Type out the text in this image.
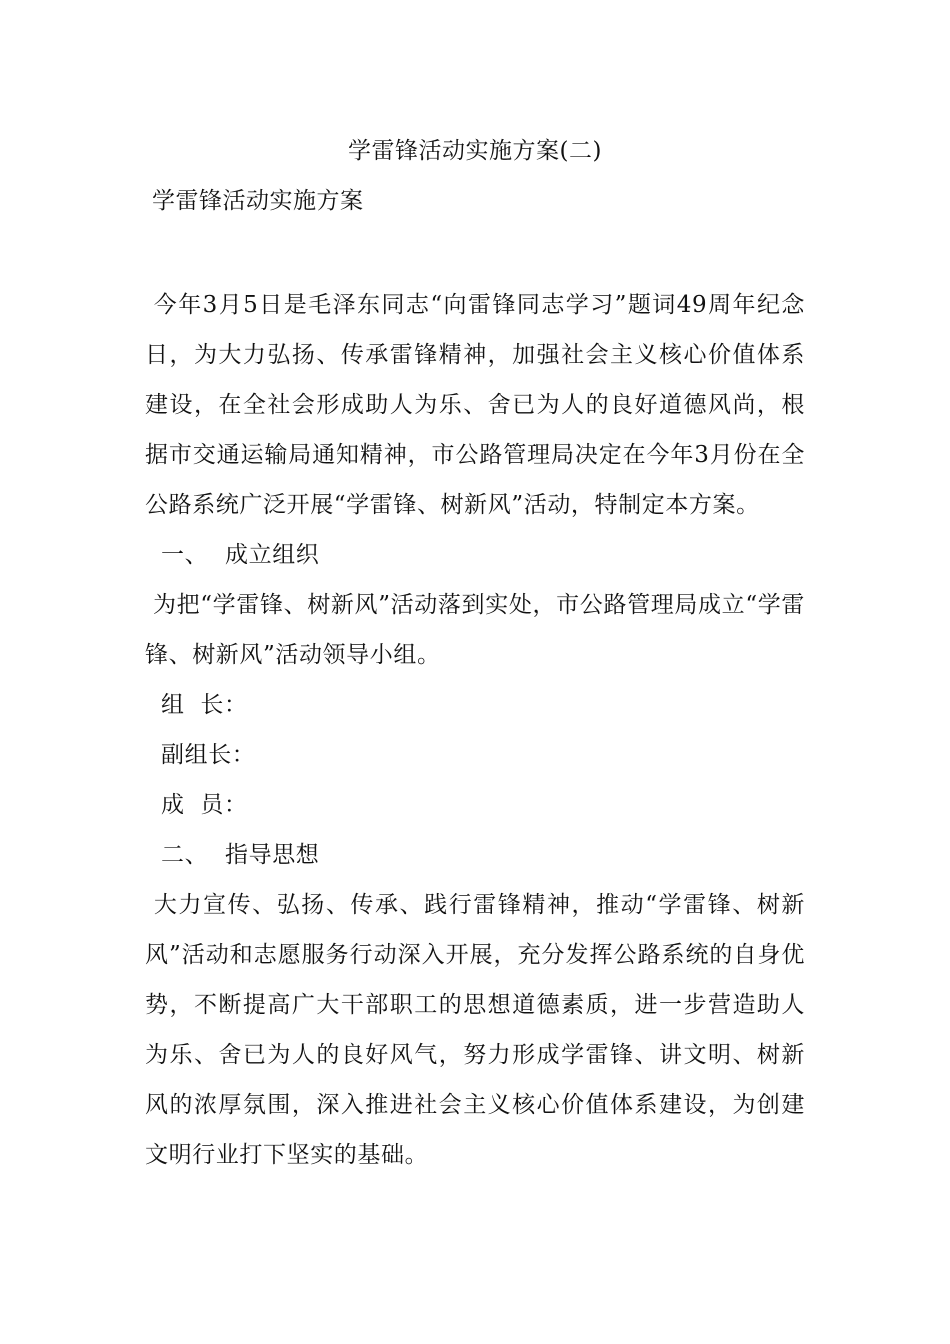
学雷锋活动实施方案(二)
学雷锋活动实施方案

今年3月5日是毛泽东同志“向雷锋同志学习”题词49周年纪念日，为大力弘扬、传承雷锋精神，加强社会主义核心价值体系建设，在全社会形成助人为乐、舍已为人的良好道德风尚，根据市交通运输局通知精神，市公路管理局决定在今年3月份在全公路系统广泛开展“学雷锋、树新风”活动，特制定本方案。

一、 成立组织

为把“学雷锋、树新风”活动落到实处，市公路管理局成立“学雷锋、树新风”活动领导小组。

组  长：

副组长：

成  员：

二、 指导思想

大力宣传、弘扬、传承、践行雷锋精神，推动“学雷锋、树新风”活动和志愿服务行动深入开展，充分发挥公路系统的自身优势，不断提高广大干部职工的思想道德素质，进一步营造助人为乐、舍已为人的良好风气，努力形成学雷锋、讲文明、树新风的浓厚氛围，深入推进社会主义核心价值体系建设，为创建文明行业打下坚实的基础。
